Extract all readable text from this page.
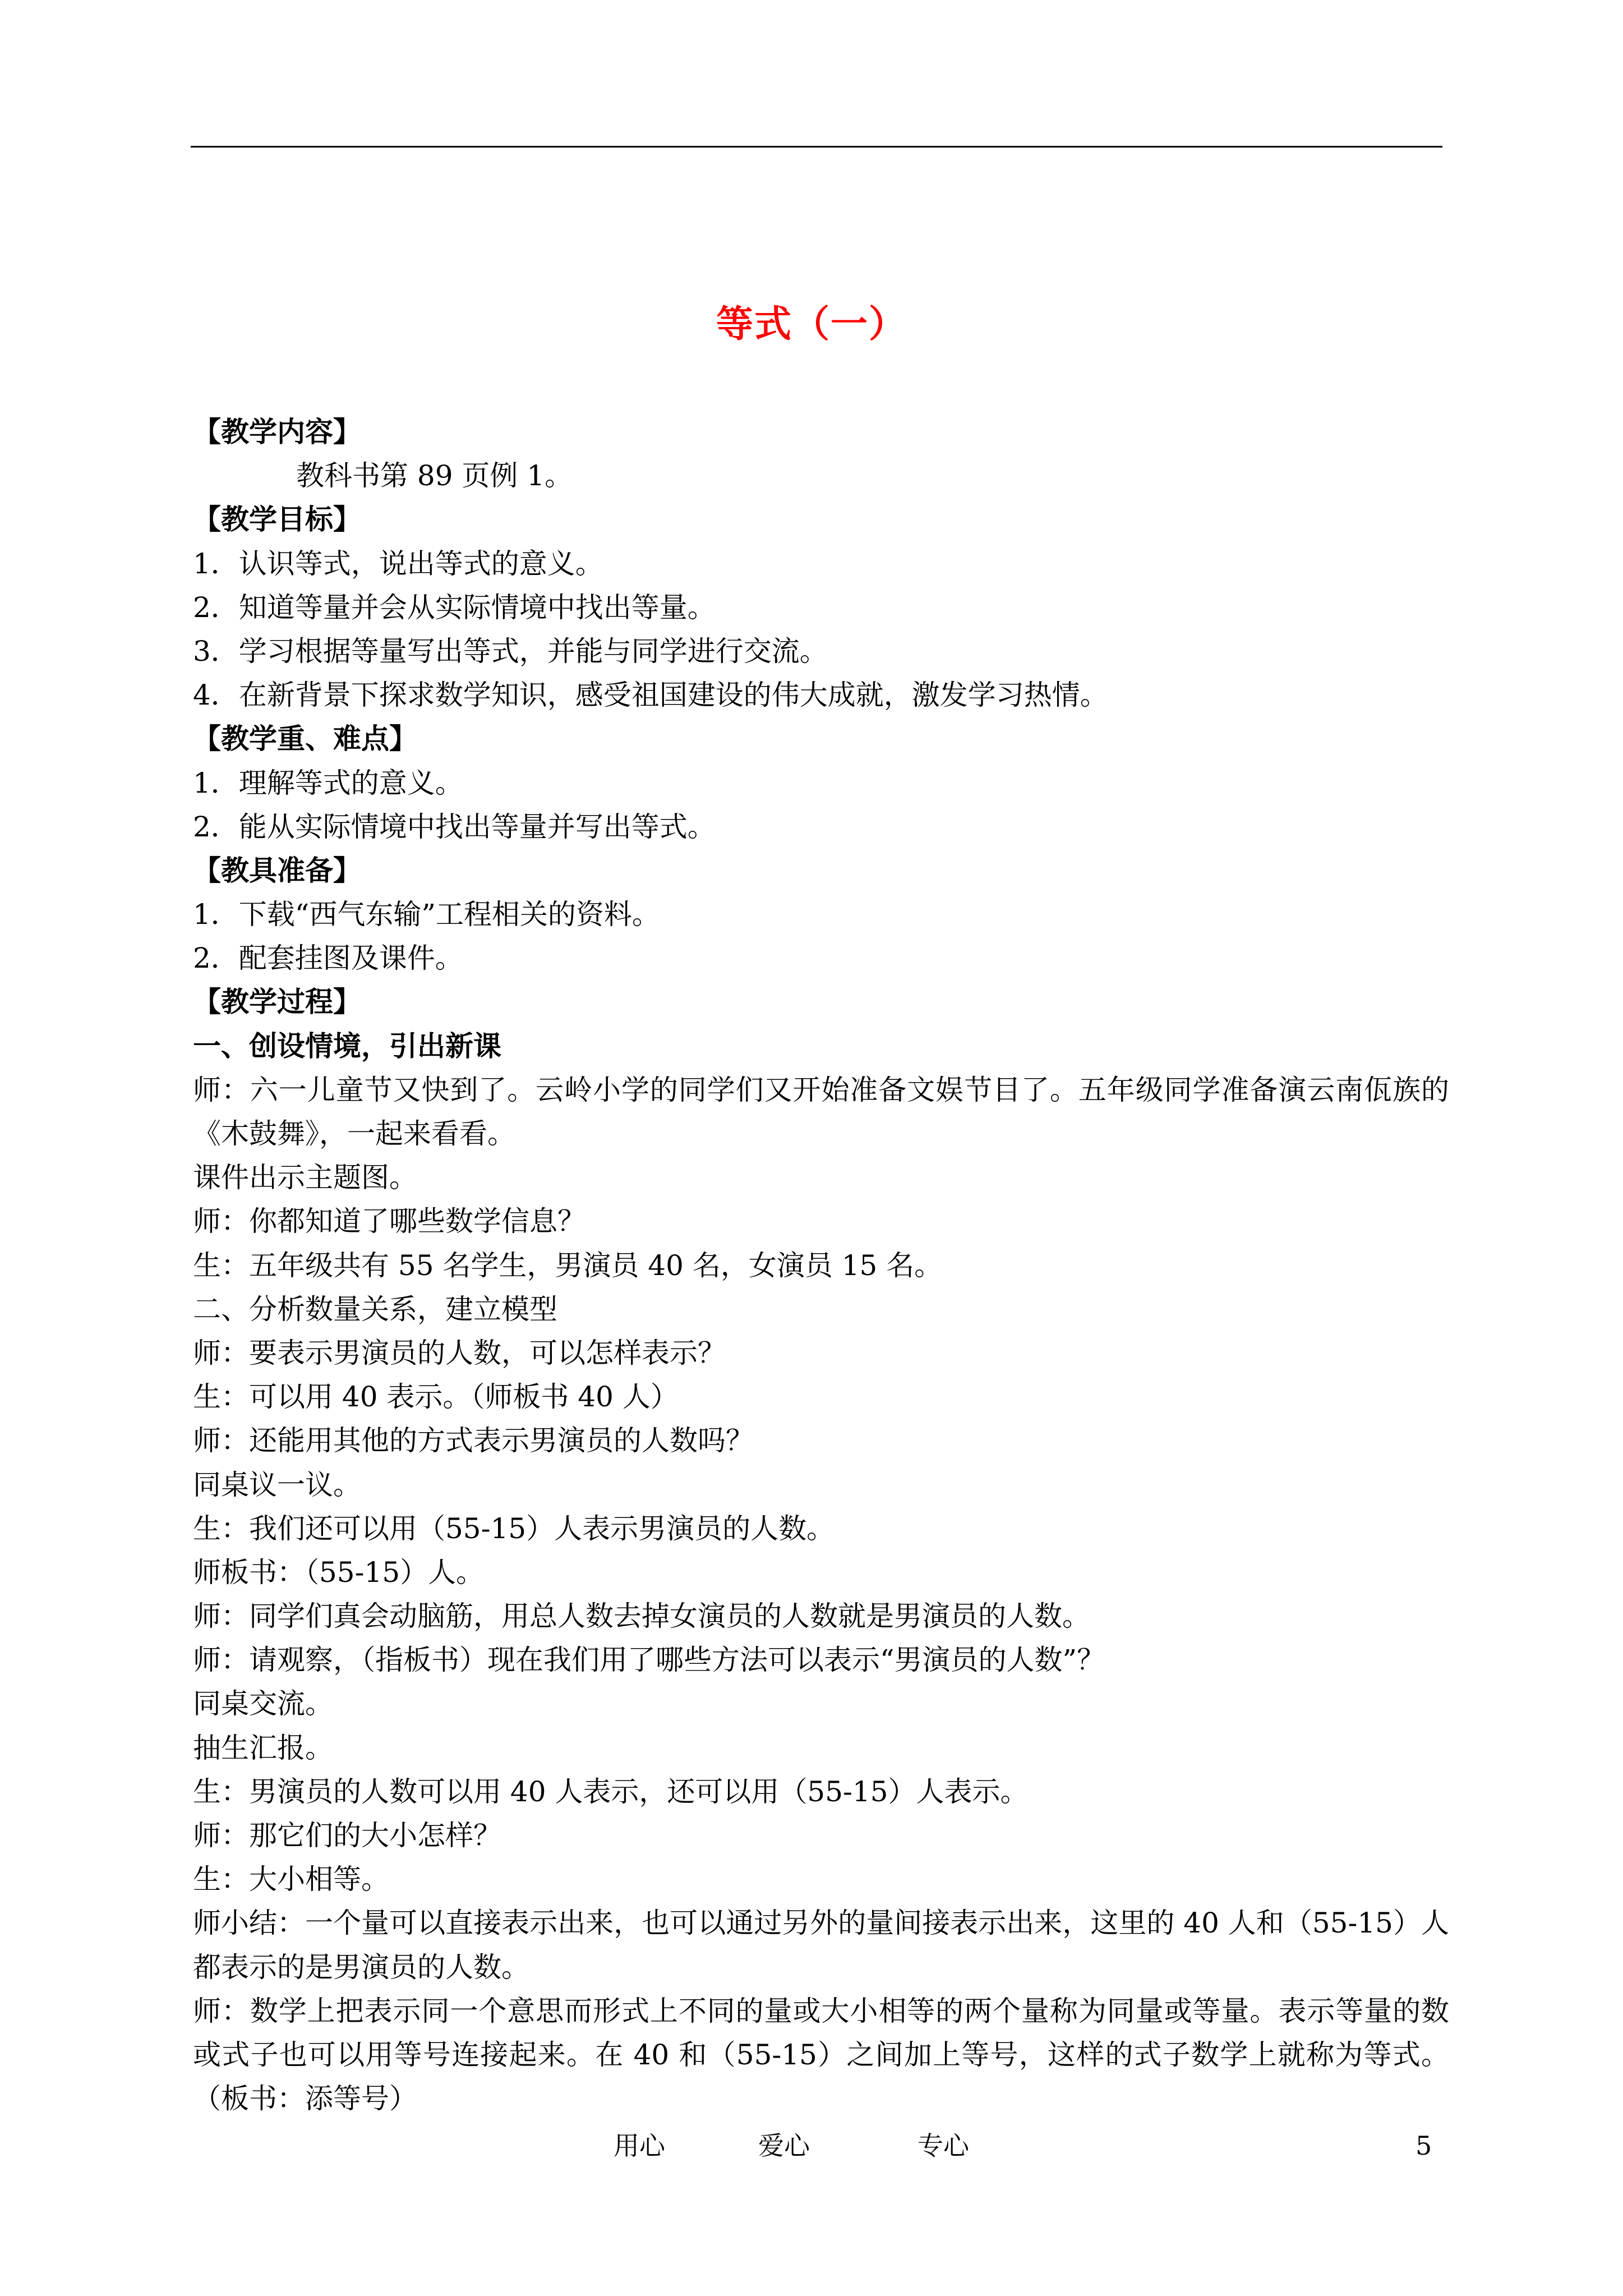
等式（一）
【教学内容】
教科书第 89 页例 1。
【教学目标】
1．认识等式，说出等式的意义。
2．知道等量并会从实际情境中找出等量。
3．学习根据等量写出等式，并能与同学进行交流。
4．在新背景下探求数学知识，感受祖国建设的伟大成就，激发学习热情。
【教学重、难点】
1．理解等式的意义。
2．能从实际情境中找出等量并写出等式。
【教具准备】
1．下载“西气东输”工程相关的资料。
2．配套挂图及课件。
【教学过程】
一、创设情境，引出新课
师：六一儿童节又快到了。云岭小学的同学们又开始准备文娱节目了。五年级同学准备演云南佤族的《木鼓舞》，一起来看看。
课件出示主题图。
师：你都知道了哪些数学信息？
生：五年级共有 55 名学生，男演员 40 名，女演员 15 名。
二、分析数量关系，建立模型
师：要表示男演员的人数，可以怎样表示？
生：可以用 40 表示。（师板书 40 人）
师：还能用其他的方式表示男演员的人数吗？
同桌议一议。
生：我们还可以用（55-15）人表示男演员的人数。
师板书：（55-15）人。
师：同学们真会动脑筋，用总人数去掉女演员的人数就是男演员的人数。
师：请观察，（指板书）现在我们用了哪些方法可以表示“男演员的人数”？
同桌交流。
抽生汇报。
生：男演员的人数可以用 40 人表示，还可以用（55-15）人表示。
师：那它们的大小怎样？
生：大小相等。
师小结：一个量可以直接表示出来，也可以通过另外的量间接表示出来，这里的 40 人和（55-15）人都表示的是男演员的人数。
师：数学上把表示同一个意思而形式上不同的量或大小相等的两个量称为同量或等量。表示等量的数或式子也可以用等号连接起来。在 40 和（55-15）之间加上等号，这样的式子数学上就称为等式。（板书：添等号）
用心	爱心	专心	5
